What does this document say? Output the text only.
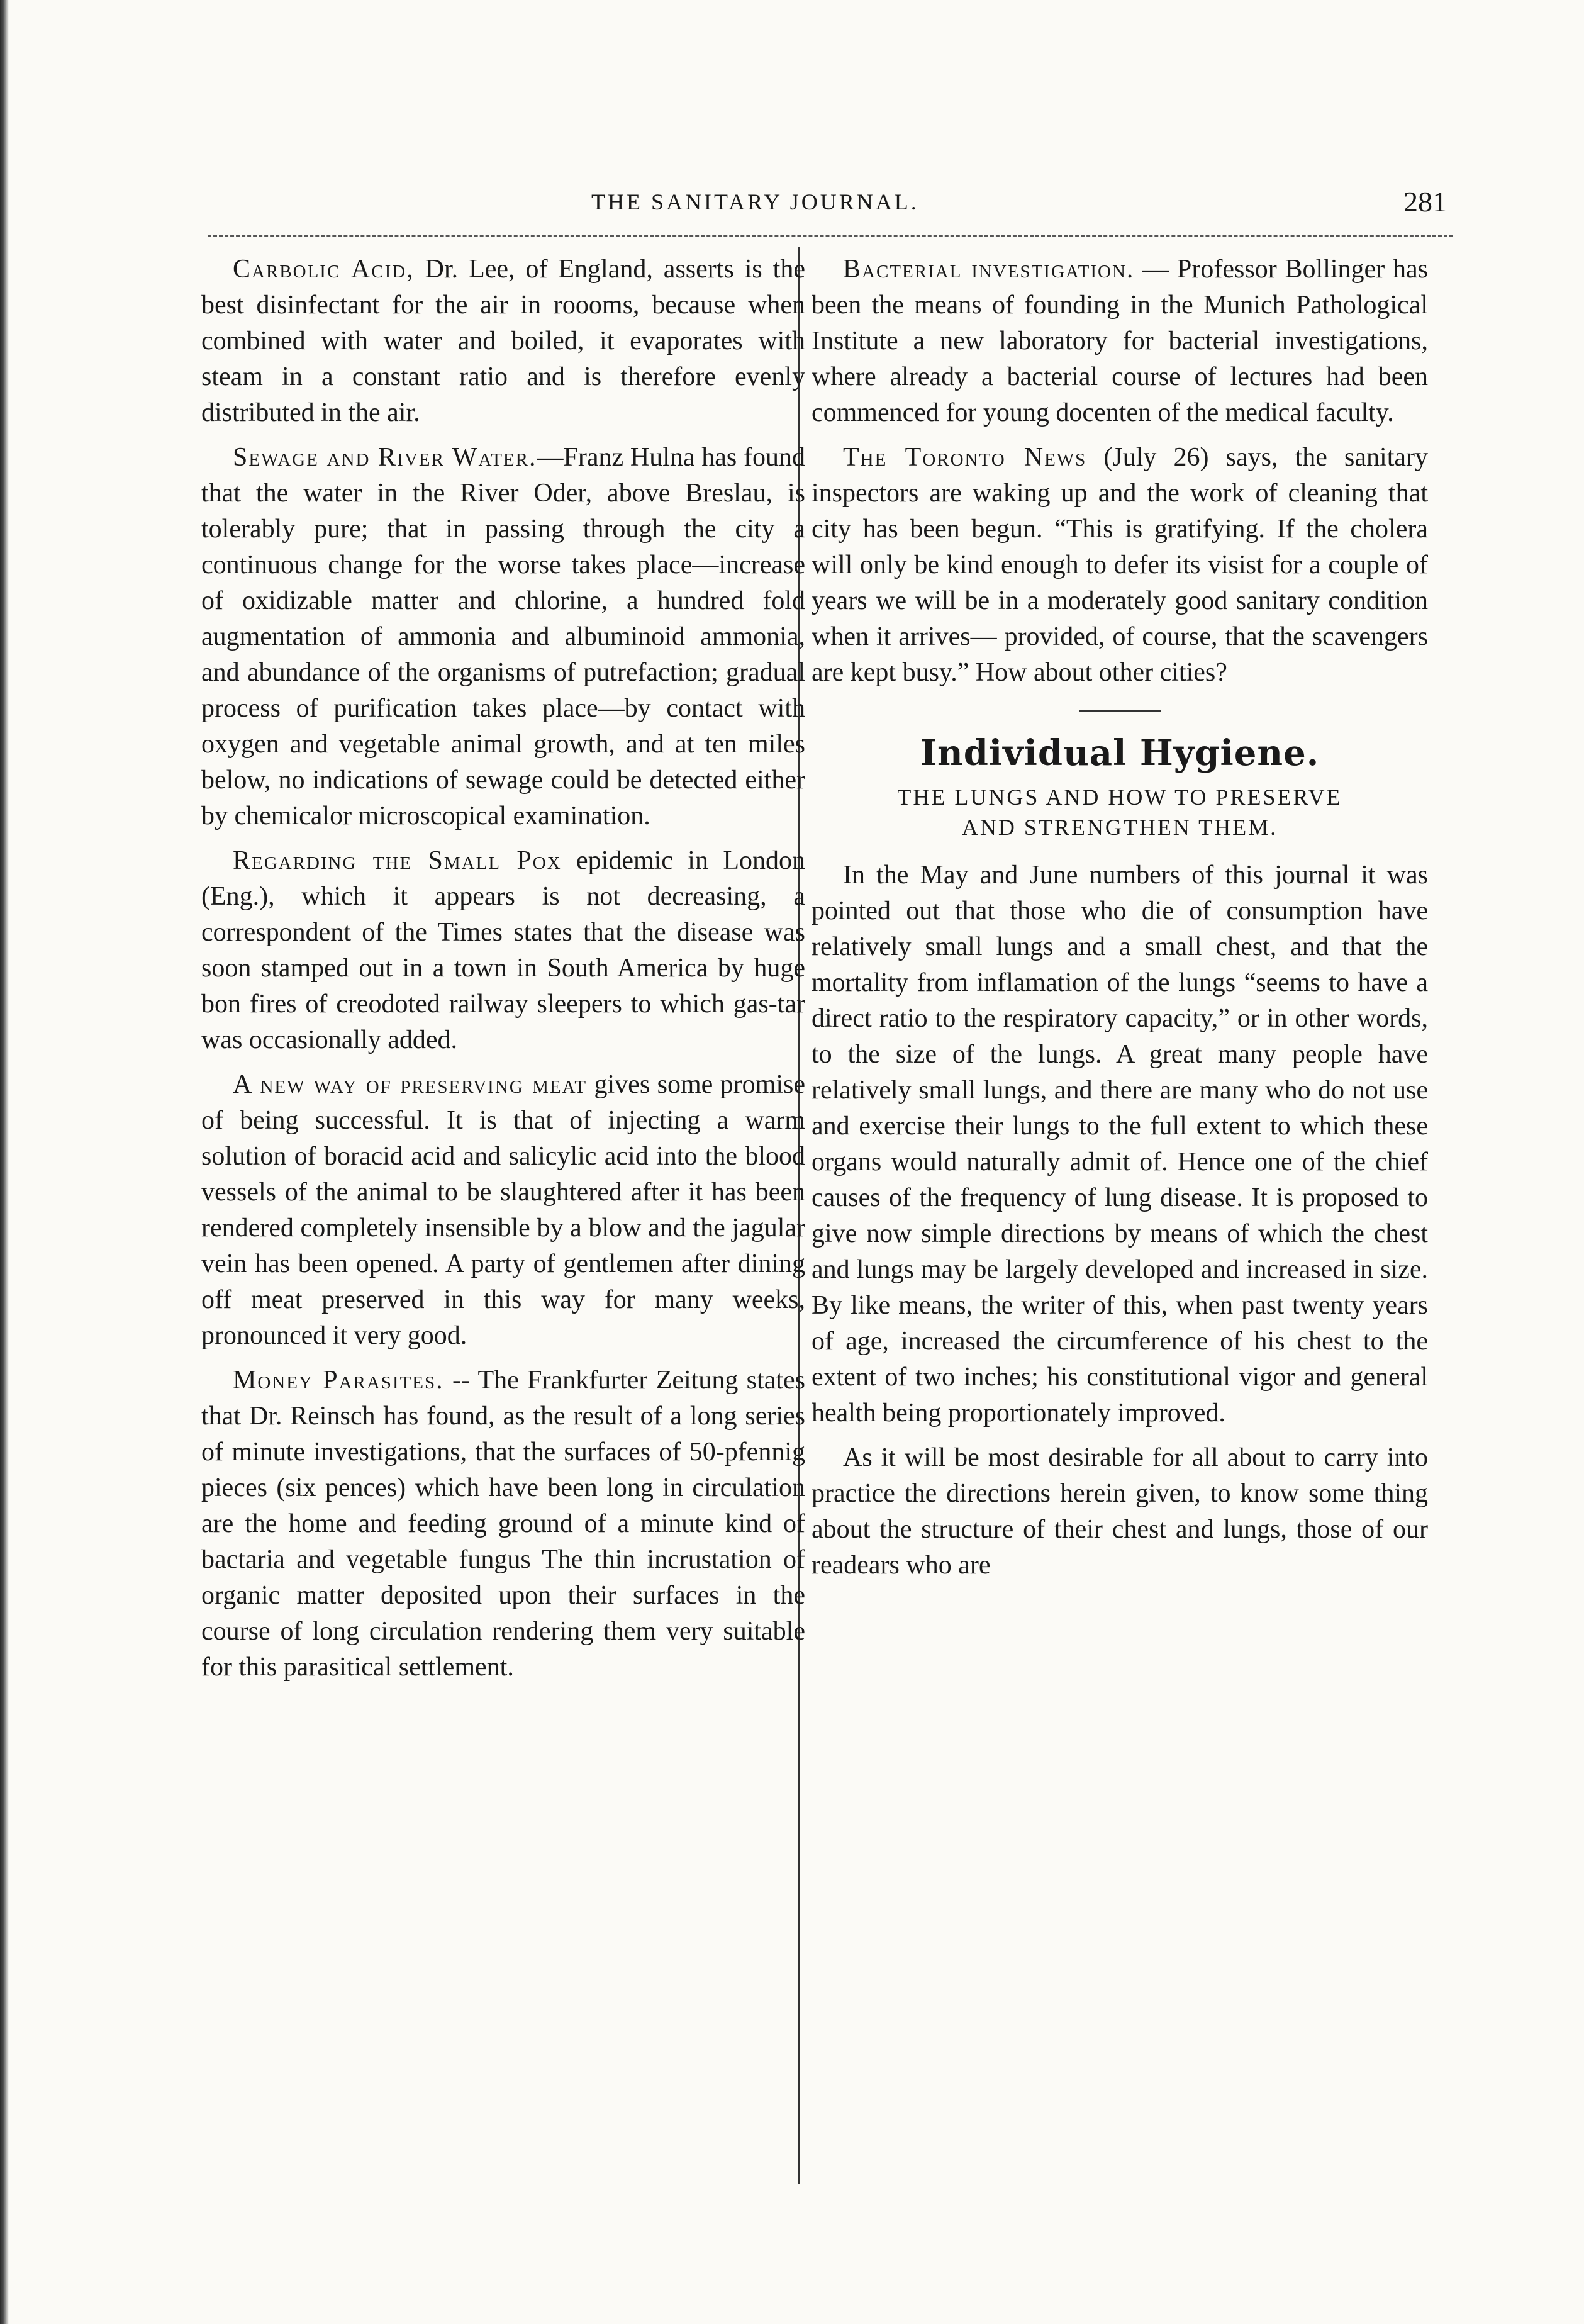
THE SANITARY JOURNAL.	281

Carbolic Acid, Dr. Lee, of England, asserts is the best disinfectant for the air in roooms, because when combined with water and boiled, it evaporates with steam in a constant ratio and is therefore evenly distributed in the air.

Sewage and River Water.—Franz Hulna has found that the water in the River Oder, above Breslau, is tolerably pure; that in passing through the city a continuous change for the worse takes place—increase of oxidizable matter and chlorine, a hundred fold augmentation of ammonia and albuminoid ammonia, and abundance of the organisms of putrefaction; gradual process of purification takes place—by contact with oxygen and vegetable animal growth, and at ten miles below, no indications of sewage could be detected either by chemicalor microscopical examination.

Regarding the Small Pox epidemic in London (Eng.), which it appears is not decreasing, a correspondent of the Times states that the disease was soon stamped out in a town in South America by huge bon fires of creodoted railway sleepers to which gas-tar was occasionally added.

A new way of preserving meat gives some promise of being successful. It is that of injecting a warm solution of boracid acid and salicylic acid into the blood vessels of the animal to be slaughtered after it has been rendered completely insensible by a blow and the jagular vein has been opened. A party of gentlemen after dining off meat preserved in this way for many weeks, pronounced it very good.

Money Parasites. -- The Frankfurter Zeitung states that Dr. Reinsch has found, as the result of a long series of minute investigations, that the surfaces of 50-pfennig pieces (six pences) which have been long in circulation are the home and feeding ground of a minute kind of bactaria and vegetable fungus The thin incrustation of organic matter deposited upon their surfaces in the course of long circulation rendering them very suitable for this parasitical settlement.

Bacterial investigation. — Professor Bollinger has been the means of founding in the Munich Pathological Institute a new laboratory for bacterial investigations, where already a bacterial course of lectures had been commenced for young docenten of the medical faculty.

The Toronto News (July 26) says, the sanitary inspectors are waking up and the work of cleaning that city has been begun. “This is gratifying. If the cholera will only be kind enough to defer its visist for a couple of years we will be in a moderately good sanitary condition when it arrives— provided, of course, that the scavengers are kept busy.” How about other cities?

Individual Hygiene.
THE LUNGS AND HOW TO PRESERVE
AND STRENGTHEN THEM.

In the May and June numbers of this journal it was pointed out that those who die of consumption have relatively small lungs and a small chest, and that the mortality from inflamation of the lungs “seems to have a direct ratio to the respiratory capacity,” or in other words, to the size of the lungs. A great many people have relatively small lungs, and there are many who do not use and exercise their lungs to the full extent to which these organs would naturally admit of. Hence one of the chief causes of the frequency of lung disease. It is proposed to give now simple directions by means of which the chest and lungs may be largely developed and increased in size. By like means, the writer of this, when past twenty years of age, increased the circumference of his chest to the extent of two inches; his constitutional vigor and general health being proportionately improved.

As it will be most desirable for all about to carry into practice the directions herein given, to know some thing about the structure of their chest and lungs, those of our readears who are
